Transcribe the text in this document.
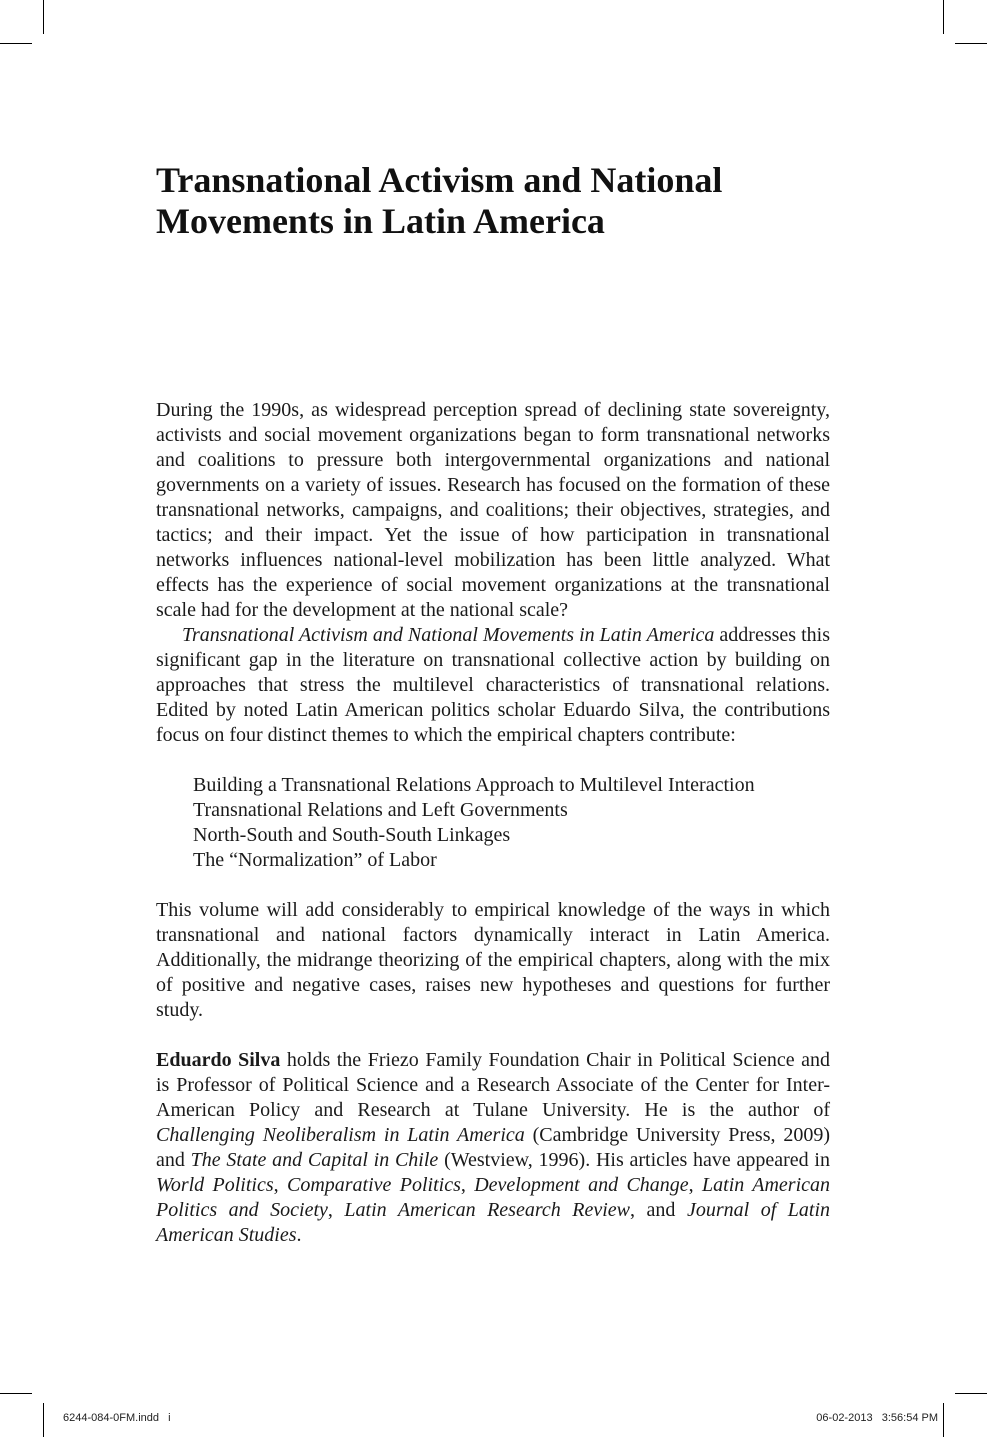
Transnational Activism and National
Movements in Latin America

During the 1990s, as widespread perception spread of declining state sovereignty, activists and social movement organizations began to form transnational networks and coalitions to pressure both intergovernmental organizations and national governments on a variety of issues. Research has focused on the formation of these transnational networks, campaigns, and coalitions; their objectives, strategies, and tactics; and their impact. Yet the issue of how participation in transnational networks influences national-level mobilization has been little analyzed. What effects has the experience of social movement organizations at the transnational scale had for the development at the national scale?

Transnational Activism and National Movements in Latin America addresses this significant gap in the literature on transnational collective action by building on approaches that stress the multilevel characteristics of transnational relations. Edited by noted Latin American politics scholar Eduardo Silva, the contributions focus on four distinct themes to which the empirical chapters contribute:

Building a Transnational Relations Approach to Multilevel Interaction
Transnational Relations and Left Governments
North-South and South-South Linkages
The “Normalization” of Labor

This volume will add considerably to empirical knowledge of the ways in which transnational and national factors dynamically interact in Latin America. Additionally, the midrange theorizing of the empirical chapters, along with the mix of positive and negative cases, raises new hypotheses and questions for further study.

Eduardo Silva holds the Friezo Family Foundation Chair in Political Science and is Professor of Political Science and a Research Associate of the Center for Inter-American Policy and Research at Tulane University. He is the author of Challenging Neoliberalism in Latin America (Cambridge University Press, 2009) and The State and Capital in Chile (Westview, 1996). His articles have appeared in World Politics, Comparative Politics, Development and Change, Latin American Politics and Society, Latin American Research Review, and Journal of Latin American Studies.

6244-084-0FM.indd   i	06-02-2013   3:56:54 PM
